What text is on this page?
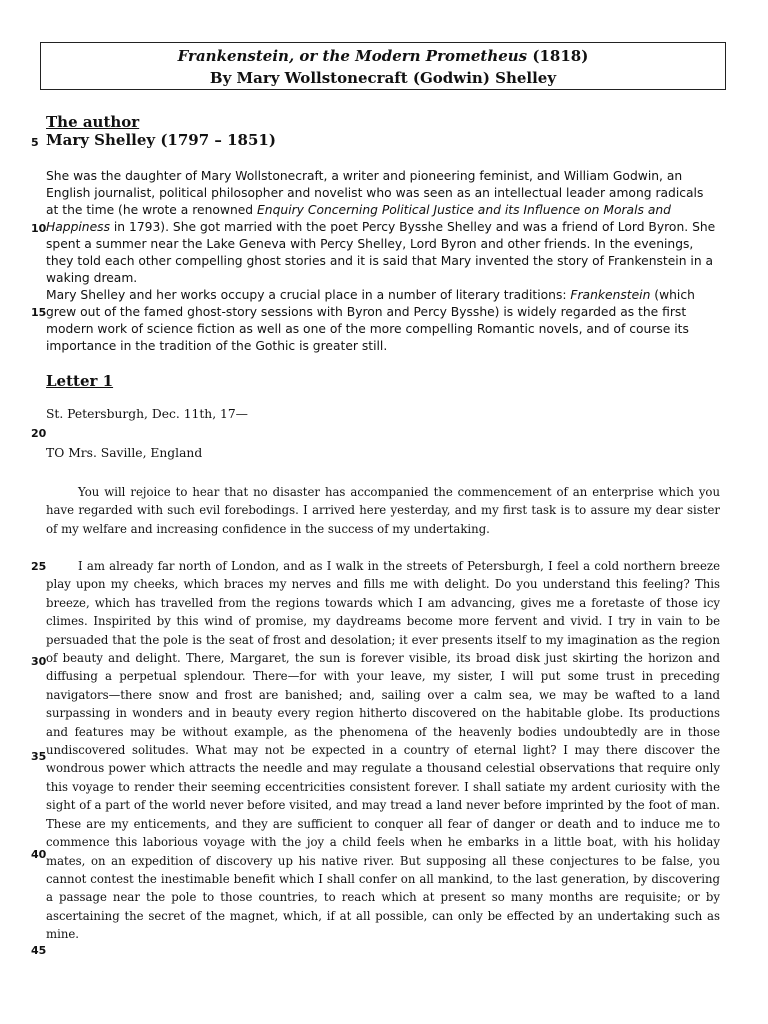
Frankenstein, or the Modern Prometheus (1818)
By Mary Wollstonecraft (Godwin) Shelley
The author
Mary Shelley (1797 – 1851)

She was the daughter of Mary Wollstonecraft, a writer and pioneering feminist, and William Godwin, an English journalist, political philosopher and novelist who was seen as an intellectual leader among radicals at the time (he wrote a renowned Enquiry Concerning Political Justice and its Influence on Morals and Happiness in 1793). She got married with the poet Percy Bysshe Shelley and was a friend of Lord Byron. She spent a summer near the Lake Geneva with Percy Shelley, Lord Byron and other friends. In the evenings, they told each other compelling ghost stories and it is said that Mary invented the story of Frankenstein in a waking dream.

Mary Shelley and her works occupy a crucial place in a number of literary traditions: Frankenstein (which grew out of the famed ghost-story sessions with Byron and Percy Bysshe) is widely regarded as the first modern work of science fiction as well as one of the more compelling Romantic novels, and of course its importance in the tradition of the Gothic is greater still.

Letter 1
St. Petersburgh, Dec. 11th, 17—
TO Mrs. Saville, England

You will rejoice to hear that no disaster has accompanied the commencement of an enterprise which you have regarded with such evil forebodings. I arrived here yesterday, and my first task is to assure my dear sister of my welfare and increasing confidence in the success of my undertaking.

I am already far north of London, and as I walk in the streets of Petersburgh, I feel a cold northern breeze play upon my cheeks, which braces my nerves and fills me with delight. Do you understand this feeling? This breeze, which has travelled from the regions towards which I am advancing, gives me a foretaste of those icy climes. Inspirited by this wind of promise, my daydreams become more fervent and vivid. I try in vain to be persuaded that the pole is the seat of frost and desolation; it ever presents itself to my imagination as the region of beauty and delight. There, Margaret, the sun is forever visible, its broad disk just skirting the horizon and diffusing a perpetual splendour. There—for with your leave, my sister, I will put some trust in preceding navigators—there snow and frost are banished; and, sailing over a calm sea, we may be wafted to a land surpassing in wonders and in beauty every region hitherto discovered on the habitable globe. Its productions and features may be without example, as the phenomena of the heavenly bodies undoubtedly are in those undiscovered solitudes. What may not be expected in a country of eternal light? I may there discover the wondrous power which attracts the needle and may regulate a thousand celestial observations that require only this voyage to render their seeming eccentricities consistent forever. I shall satiate my ardent curiosity with the sight of a part of the world never before visited, and may tread a land never before imprinted by the foot of man. These are my enticements, and they are sufficient to conquer all fear of danger or death and to induce me to commence this laborious voyage with the joy a child feels when he embarks in a little boat, with his holiday mates, on an expedition of discovery up his native river. But supposing all these conjectures to be false, you cannot contest the inestimable benefit which I shall confer on all mankind, to the last generation, by discovering a passage near the pole to those countries, to reach which at present so many months are requisite; or by ascertaining the secret of the magnet, which, if at all possible, can only be effected by an undertaking such as mine.

5
10
15
20
25
30
35
40
45
